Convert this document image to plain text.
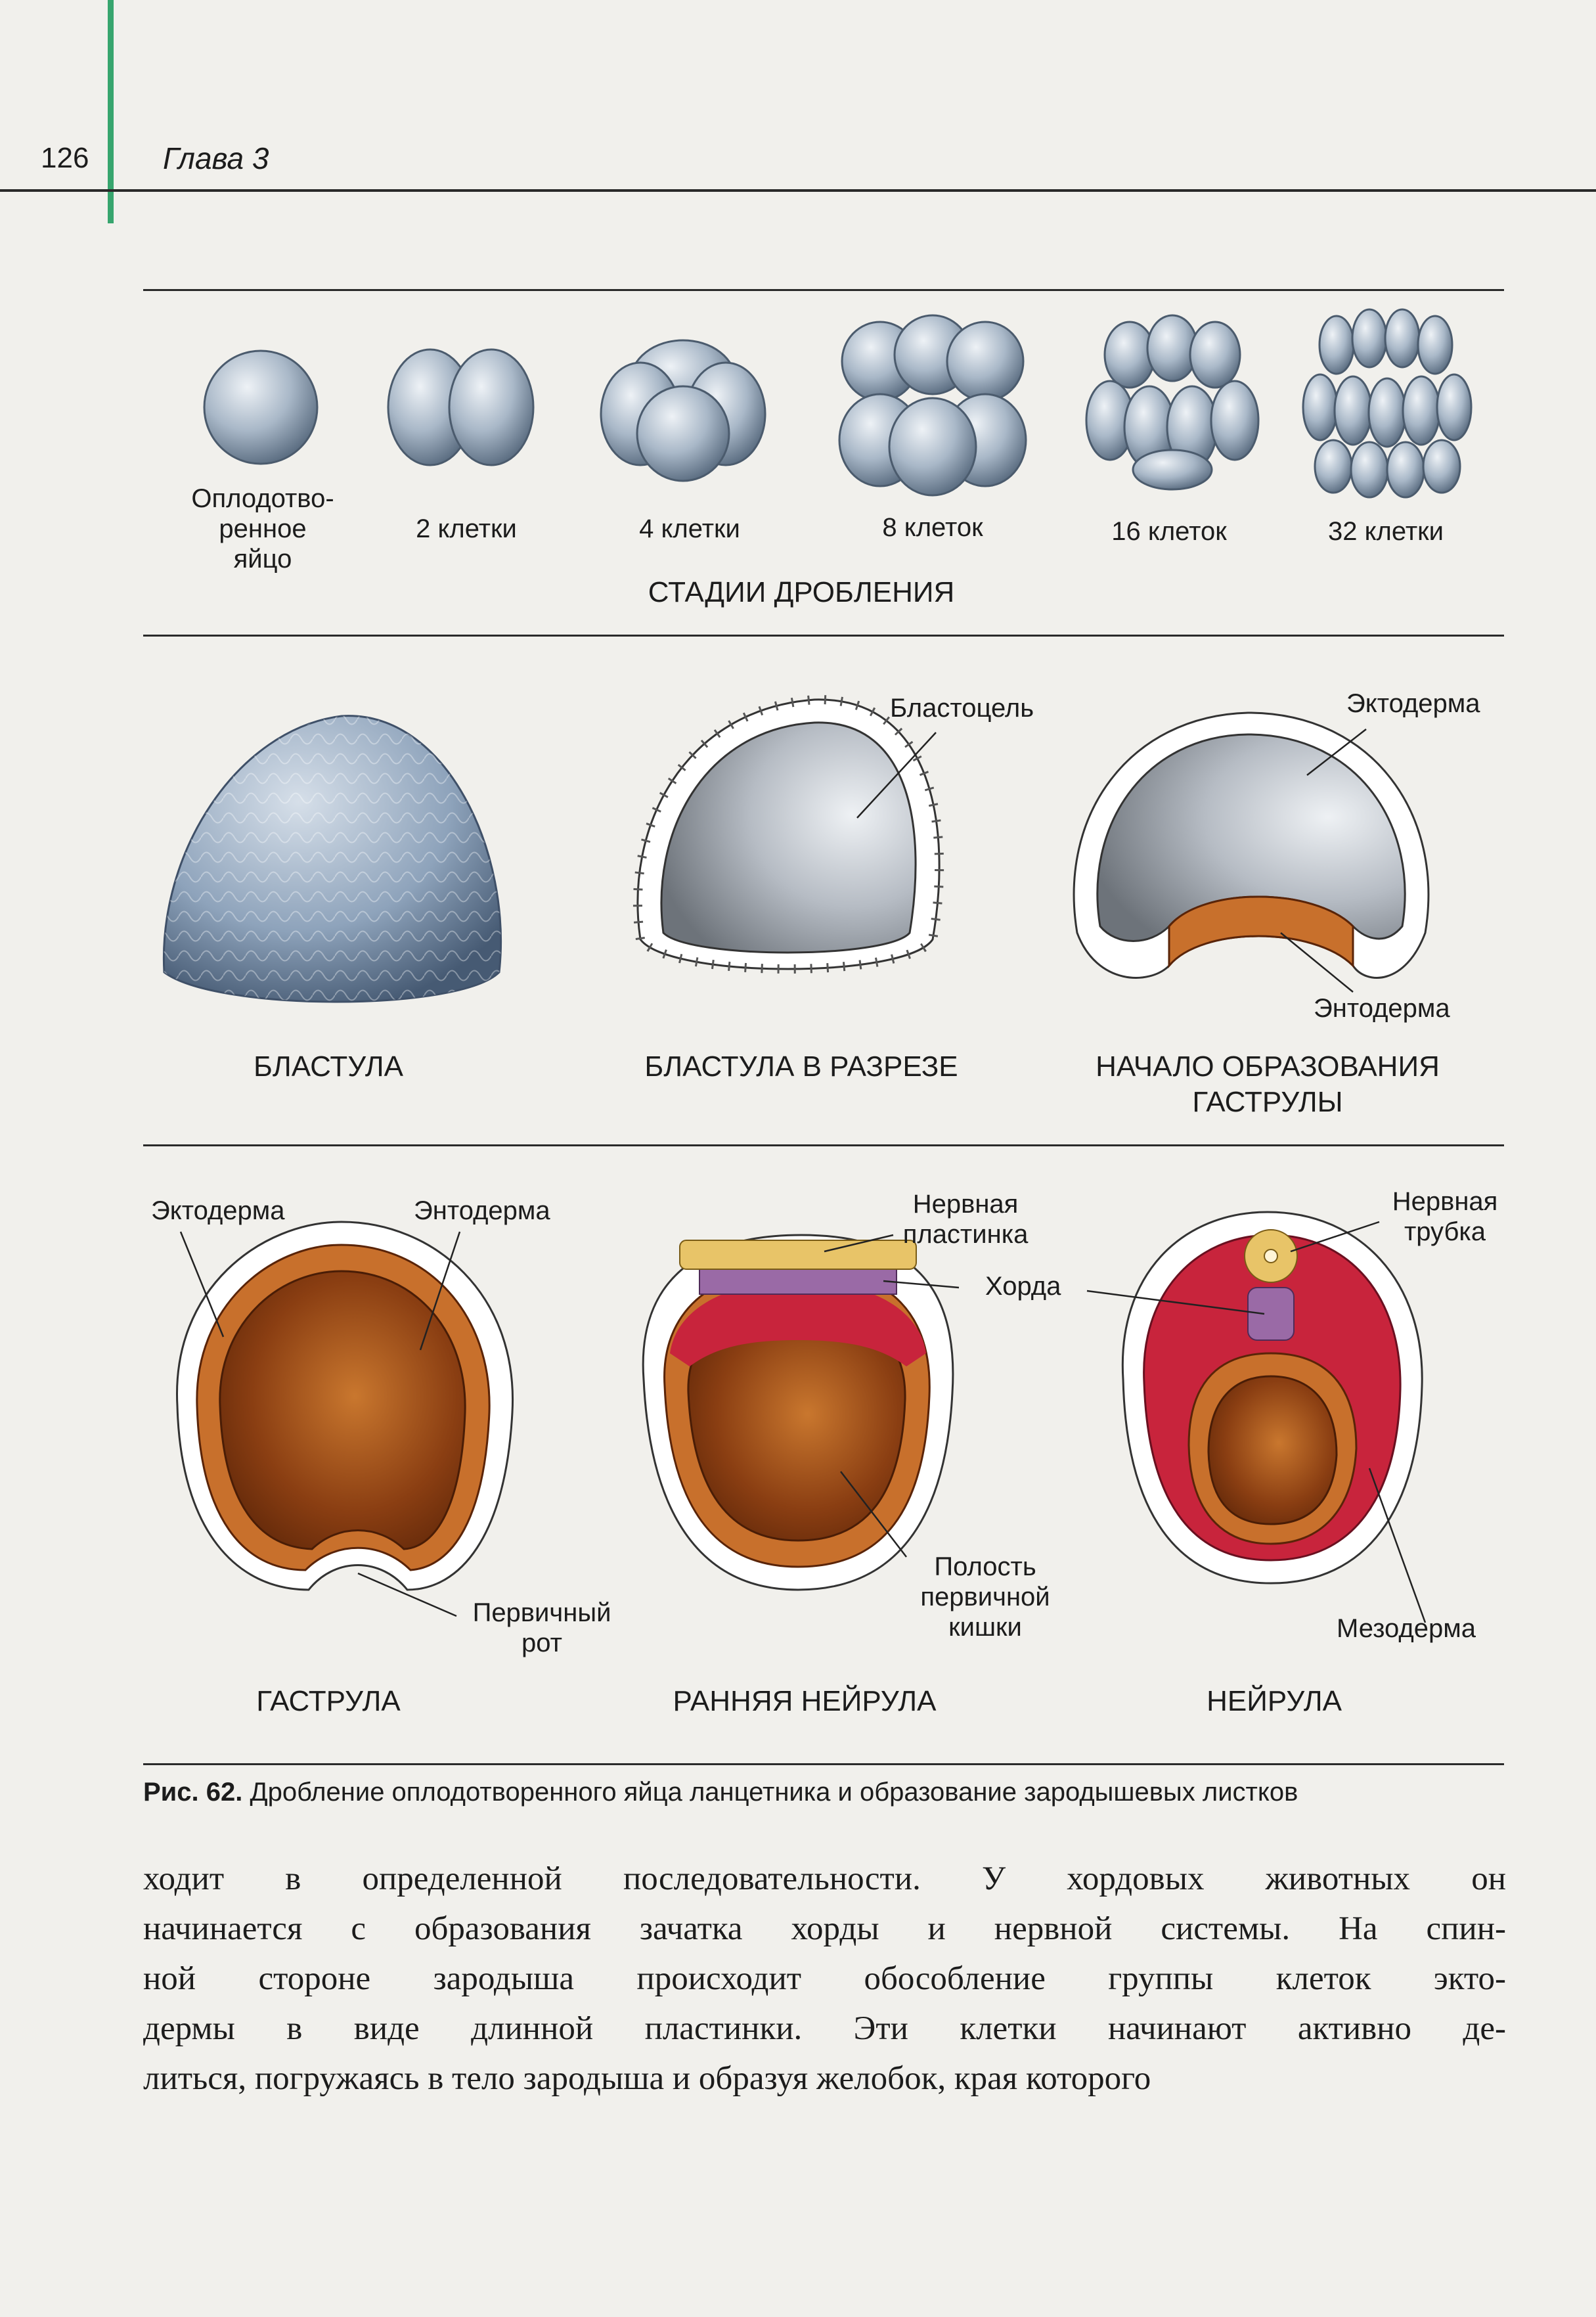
126 Глава 3
Оплодотво-
ренное
яйцо
2 клетки	4 клетки	8 клеток	16 клеток	32 клетки
СТАДИИ ДРОБЛЕНИЯ
Бластоцель	Эктодерма
Энтодерма
БЛАСТУЛА	БЛАСТУЛА В РАЗРЕЗЕ	НАЧАЛО ОБРАЗОВАНИЯ
ГАСТРУЛЫ
Эктодерма	Энтодерма	Нервная
пластинка
Хорда
Нервная
трубка
Первичный
рот
Полость
первичной
кишки	Мезодерма
ГАСТРУЛА	РАННЯЯ НЕЙРУЛА	НЕЙРУЛА
Рис. 62. Дробление оплодотворенного яйца ланцетника и образование зародышевых листков
ходит в определенной последовательности. У хордовых животных он
начинается с образования зачатка хорды и нервной системы. На спин-
ной стороне зародыша происходит обособление группы клеток экто-
дермы в виде длинной пластинки. Эти клетки начинают активно де-
литься, погружаясь в тело зародыша и образуя желобок, края которого
